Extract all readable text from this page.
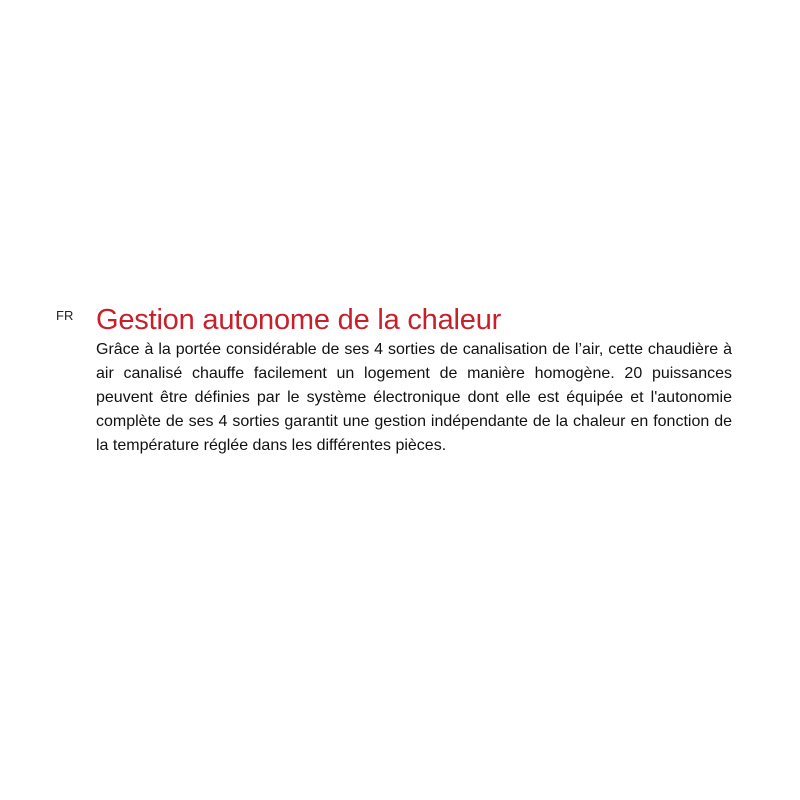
FR Gestion autonome de la chaleur

Grâce à la portée considérable de ses 4 sorties de canalisation de l’air, cette chaudière à air canalisé chauffe facilement un logement de manière homogène. 20 puissances peuvent être définies par le système électronique dont elle est équipée et l'autonomie complète de ses 4 sorties garantit une gestion indépendante de la chaleur en fonction de la température réglée dans les différentes pièces.
